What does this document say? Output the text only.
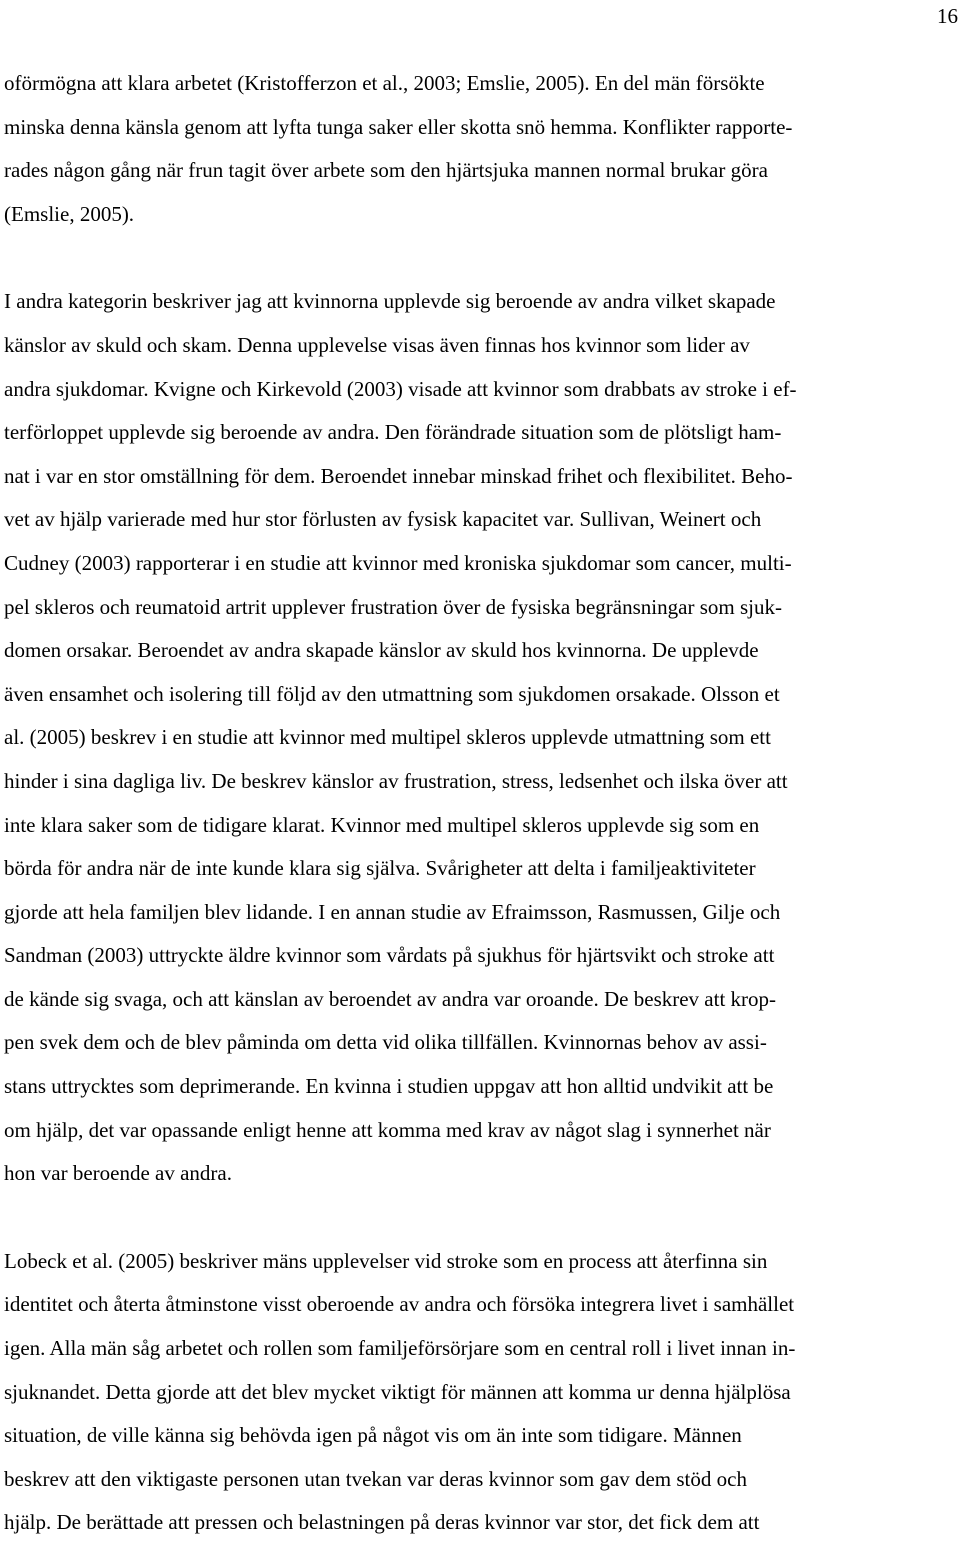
16

oförmögna att klara arbetet (Kristofferzon et al., 2003; Emslie, 2005). En del män försökte
minska denna känsla genom att lyfta tunga saker eller skotta snö hemma. Konflikter rapporte-
rades någon gång när frun tagit över arbete som den hjärtsjuka mannen normal brukar göra
(Emslie, 2005).

I andra kategorin beskriver jag att kvinnorna upplevde sig beroende av andra vilket skapade
känslor av skuld och skam. Denna upplevelse visas även finnas hos kvinnor som lider av
andra sjukdomar. Kvigne och Kirkevold (2003) visade att kvinnor som drabbats av stroke i ef-
terförloppet upplevde sig beroende av andra. Den förändrade situation som de plötsligt ham-
nat i var en stor omställning för dem. Beroendet innebar minskad frihet och flexibilitet. Beho-
vet av hjälp varierade med hur stor förlusten av fysisk kapacitet var. Sullivan, Weinert och
Cudney (2003) rapporterar i en studie att kvinnor med kroniska sjukdomar som cancer, multi-
pel skleros och reumatoid artrit upplever frustration över de fysiska begränsningar som sjuk-
domen orsakar. Beroendet av andra skapade känslor av skuld hos kvinnorna. De upplevde
även ensamhet och isolering till följd av den utmattning som sjukdomen orsakade. Olsson et
al. (2005) beskrev i en studie att kvinnor med multipel skleros upplevde utmattning som ett
hinder i sina dagliga liv. De beskrev känslor av frustration, stress, ledsenhet och ilska över att
inte klara saker som de tidigare klarat. Kvinnor med multipel skleros upplevde sig som en
börda för andra när de inte kunde klara sig själva. Svårigheter att delta i familjeaktiviteter
gjorde att hela familjen blev lidande. I en annan studie av Efraimsson, Rasmussen, Gilje och
Sandman (2003) uttryckte äldre kvinnor som vårdats på sjukhus för hjärtsvikt och stroke att
de kände sig svaga, och att känslan av beroendet av andra var oroande. De beskrev att krop-
pen svek dem och de blev påminda om detta vid olika tillfällen. Kvinnornas behov av assi-
stans uttrycktes som deprimerande. En kvinna i studien uppgav att hon alltid undvikit att be
om hjälp, det var opassande enligt henne att komma med krav av något slag i synnerhet när
hon var beroende av andra.

Lobeck et al. (2005) beskriver mäns upplevelser vid stroke som en process att återfinna sin
identitet och återta åtminstone visst oberoende av andra och försöka integrera livet i samhället
igen. Alla män såg arbetet och rollen som familjeförsörjare som en central roll i livet innan in-
sjuknandet. Detta gjorde att det blev mycket viktigt för männen att komma ur denna hjälplösa
situation, de ville känna sig behövda igen på något vis om än inte som tidigare. Männen
beskrev att den viktigaste personen utan tvekan var deras kvinnor som gav dem stöd och
hjälp. De berättade att pressen och belastningen på deras kvinnor var stor, det fick dem att
